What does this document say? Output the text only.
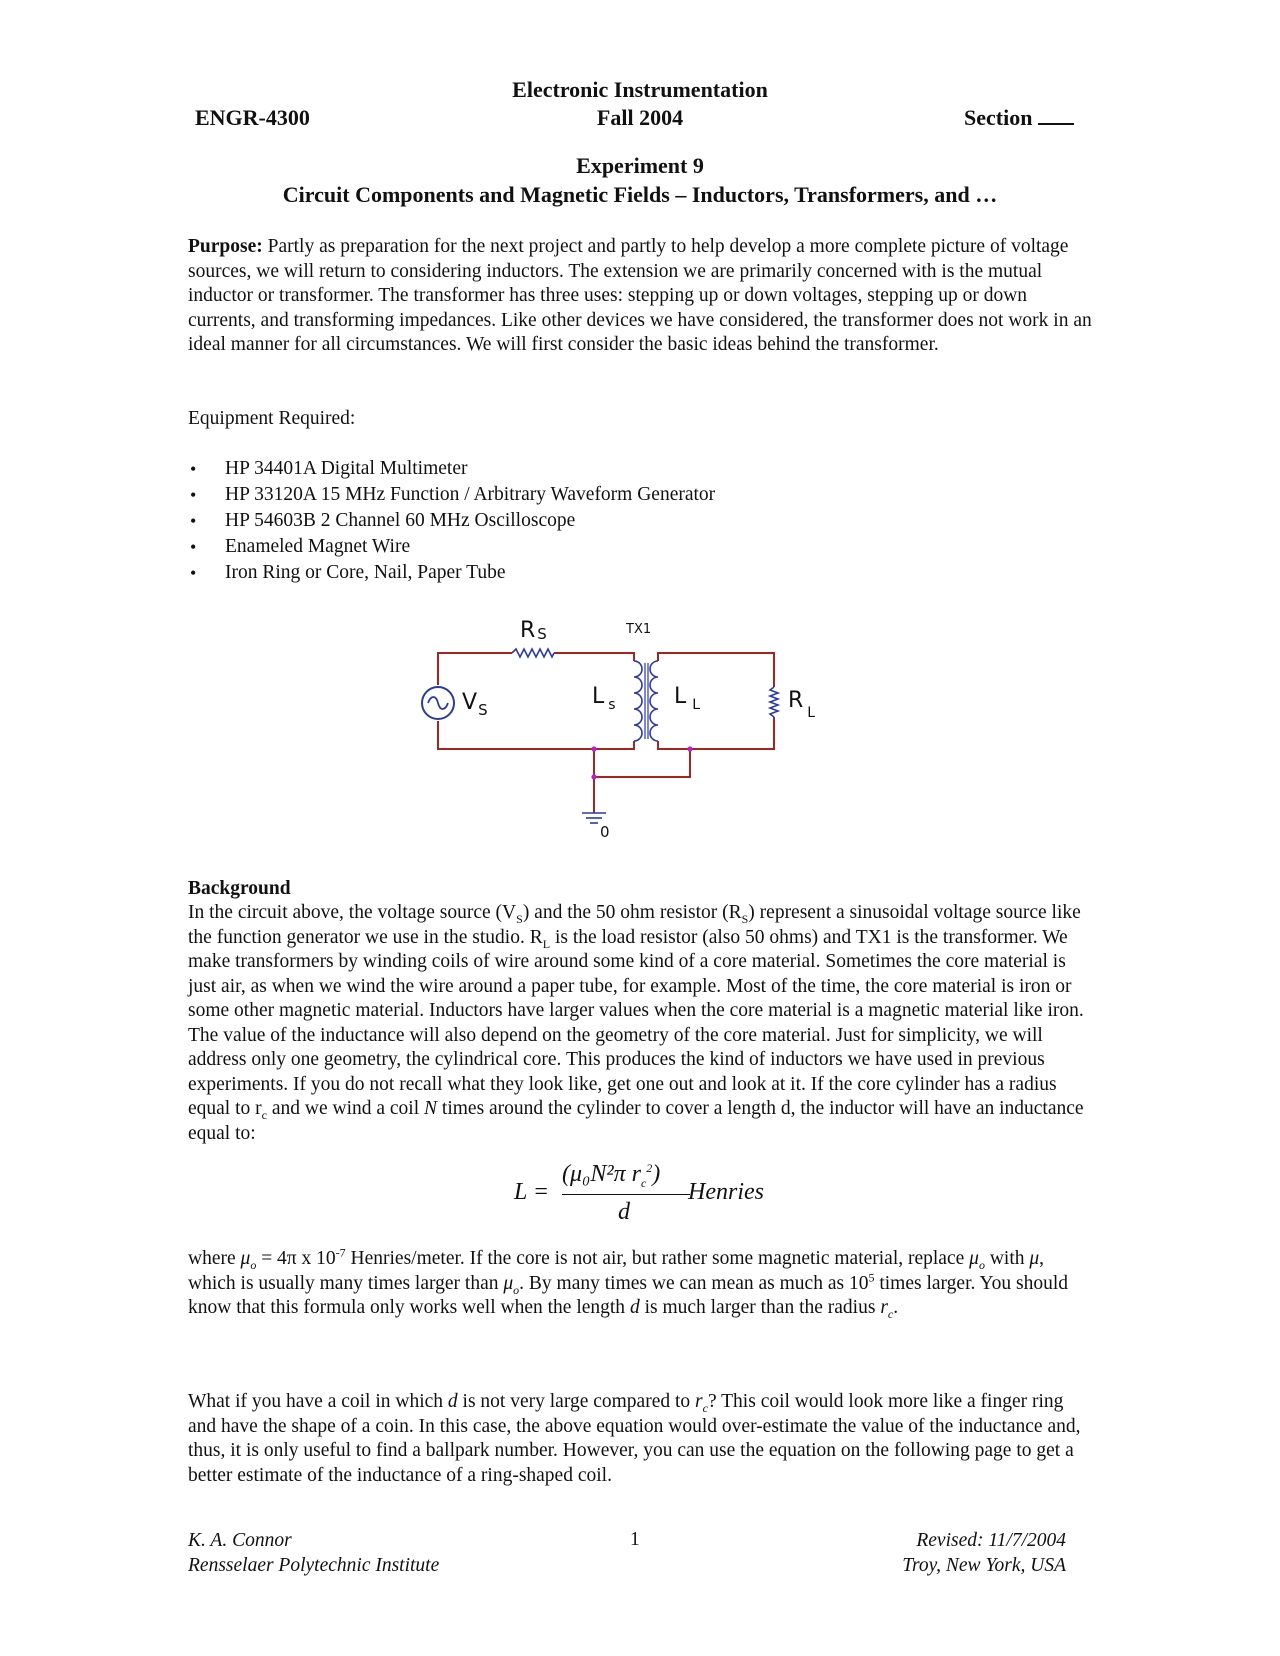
Electronic Instrumentation
ENGR-4300	Fall 2004	Section
Experiment 9
Circuit Components and Magnetic Fields – Inductors, Transformers, and …
Purpose: Partly as preparation for the next project and partly to help develop a more complete picture of voltage sources, we will return to considering inductors. The extension we are primarily concerned with is the mutual inductor or transformer. The transformer has three uses: stepping up or down voltages, stepping up or down currents, and transforming impedances. Like other devices we have considered, the transformer does not work in an ideal manner for all circumstances. We will first consider the basic ideas behind the transformer.
Equipment Required:
• HP 34401A Digital Multimeter
• HP 33120A 15 MHz Function / Arbitrary Waveform Generator
• HP 54603B 2 Channel 60 MHz Oscilloscope
• Enameled Magnet Wire
• Iron Ring or Core, Nail, Paper Tube
R S	TX1
$V_S$
L $_s$	L $_L$	R $_L$
0
Background
In the circuit above, the voltage source $(V_S)$ and the 50 ohm resistor $(R_S)$ represent a sinusoidal voltage source like the function generator we use in the studio. $R_L$ is the load resistor (also 50 ohms) and TX1 is the transformer. We make transformers by winding coils of wire around some kind of a core material. Sometimes the core material is just air, as when we wind the wire around a paper tube, for example. Most of the time, the core material is iron or some other magnetic material. Inductors have larger values when the core material is a magnetic material like iron. The value of the inductance will also depend on the geometry of the core material. Just for simplicity, we will address only one geometry, the cylindrical core. This produces the kind of inductors we have used in previous experiments. If you do not recall what they look like, get one out and look at it. If the core cylinder has a radius equal to $r_c$ and we wind a coil N times around the cylinder to cover a length d, the inductor will have an inductance equal to:
L =
(μ₀N²π $r_c^2$)
d
Henries
where $\mu_o = 4\pi$ x $10^{-7}$ Henries/meter. If the core is not air, but rather some magnetic material, replace $\mu_o$ with μ, which is usually many times larger than $\mu_o$. By many times we can mean as much as $10^5$ times larger. You should know that this formula only works well when the length d is much larger than the radius $r_c$.
What if you have a coil in which d is not very large compared to $r_c$? This coil would look more like a finger ring and have the shape of a coin. In this case, the above equation would over-estimate the value of the inductance and, thus, it is only useful to find a ballpark number. However, you can use the equation on the following page to get a better estimate of the inductance of a ring-shaped coil.
K. A. Connor
Rensselaer Polytechnic Institute
1	Revised: 11/7/2004
Troy, New York, USA
